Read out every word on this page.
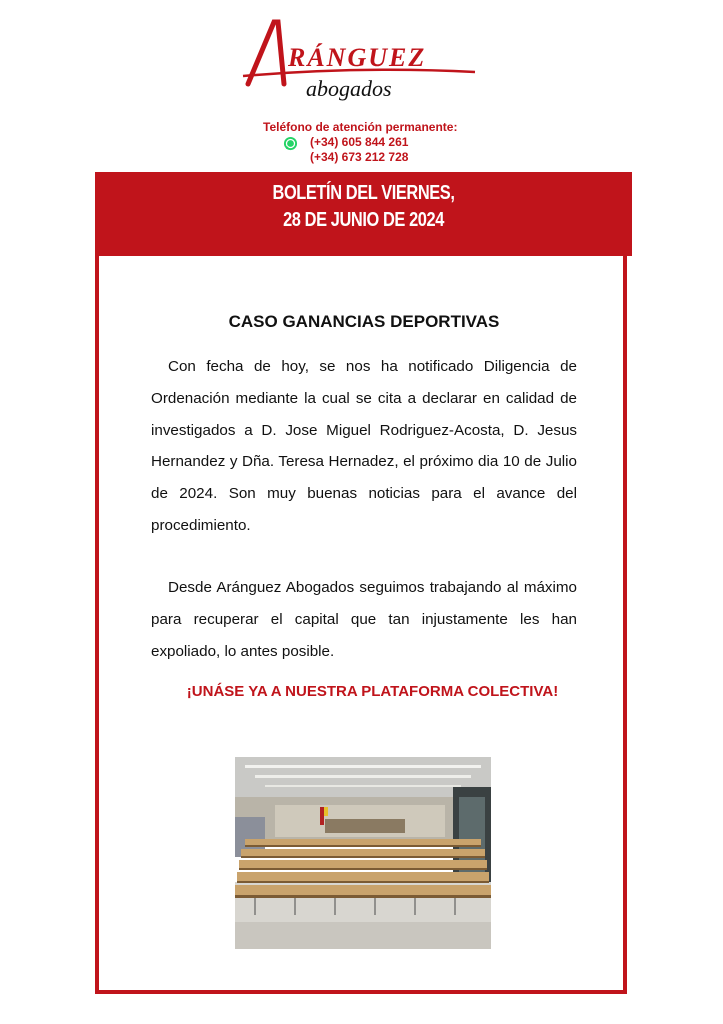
RÁNGUEZ
abogados
Teléfono de atención permanente:
(+34) 605 844 261
(+34) 673 212 728
BOLETÍN DEL VIERNES,
28 DE JUNIO DE 2024
CASO GANANCIAS DEPORTIVAS
Con fecha de hoy, se nos ha notificado Diligencia de Ordenación mediante la cual se cita a declarar en calidad de investigados a D. Jose Miguel Rodriguez-Acosta, D. Jesus Hernandez y Dña. Teresa Hernadez, el próximo dia 10 de Julio de 2024. Son muy buenas noticias para el avance del procedimiento.
Desde Aránguez Abogados seguimos trabajando al máximo para recuperar el capital que tan injustamente les han expoliado, lo antes posible.
¡UNÁSE YA A NUESTRA PLATAFORMA COLECTIVA!
